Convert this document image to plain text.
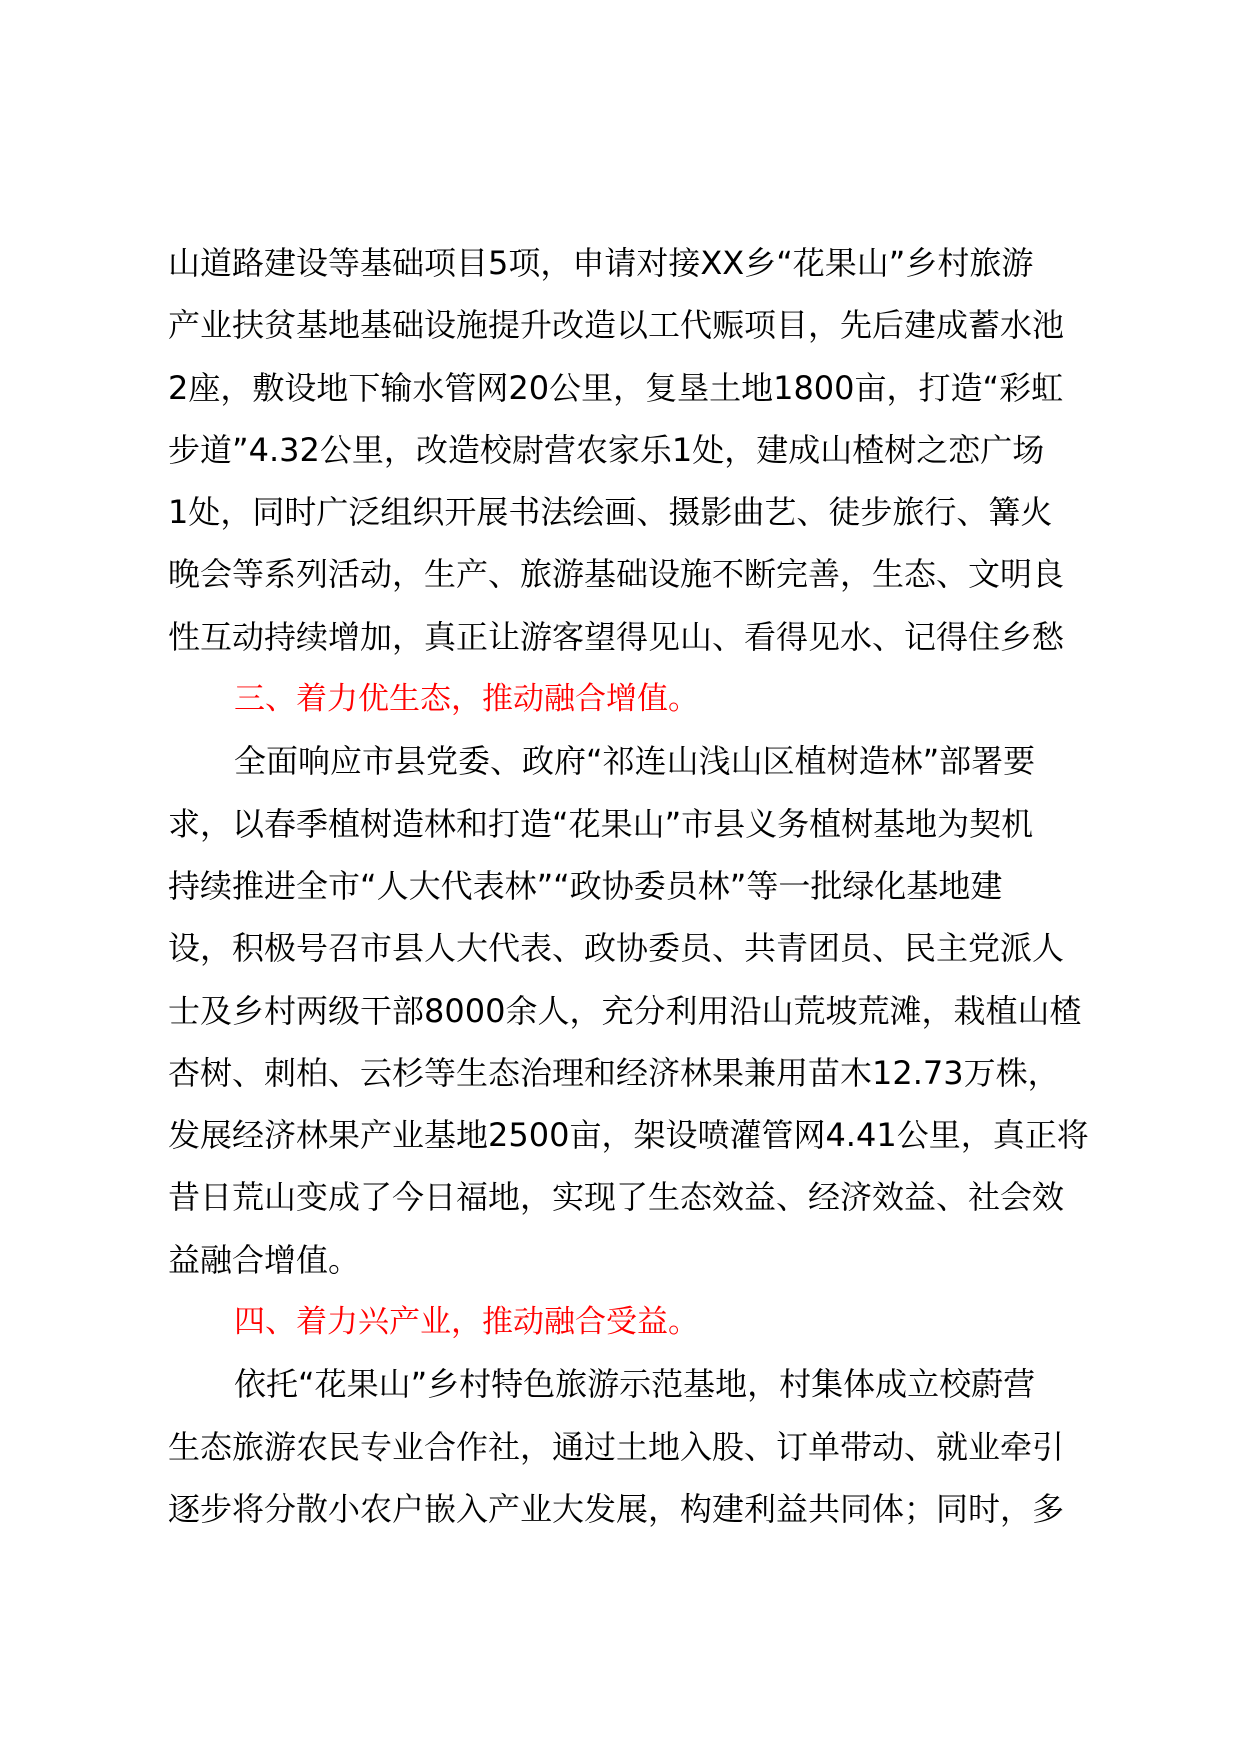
山道路建设等基础项目5项，申请对接XX乡“花果山”乡村旅游
产业扶贫基地基础设施提升改造以工代赈项目，先后建成蓄水池
2座，敷设地下输水管网20公里，复垦土地1800亩，打造“彩虹
步道”4.32公里，改造校尉营农家乐1处，建成山楂树之恋广场
1处，同时广泛组织开展书法绘画、摄影曲艺、徒步旅行、篝火
晚会等系列活动，生产、旅游基础设施不断完善，生态、文明良
性互动持续增加，真正让游客望得见山、看得见水、记得住乡愁
三、着力优生态，推动融合增值。
全面响应市县党委、政府“祁连山浅山区植树造林”部署要
求，以春季植树造林和打造“花果山”市县义务植树基地为契机
持续推进全市“人大代表林”“政协委员林”等一批绿化基地建
设，积极号召市县人大代表、政协委员、共青团员、民主党派人
士及乡村两级干部8000余人，充分利用沿山荒坡荒滩，栽植山楂
杏树、刺柏、云杉等生态治理和经济林果兼用苗木12.73万株，
发展经济林果产业基地2500亩，架设喷灌管网4.41公里，真正将
昔日荒山变成了今日福地，实现了生态效益、经济效益、社会效
益融合增值。
四、着力兴产业，推动融合受益。
依托“花果山”乡村特色旅游示范基地，村集体成立校蔚营
生态旅游农民专业合作社，通过土地入股、订单带动、就业牵引
逐步将分散小农户嵌入产业大发展，构建利益共同体；同时，多
